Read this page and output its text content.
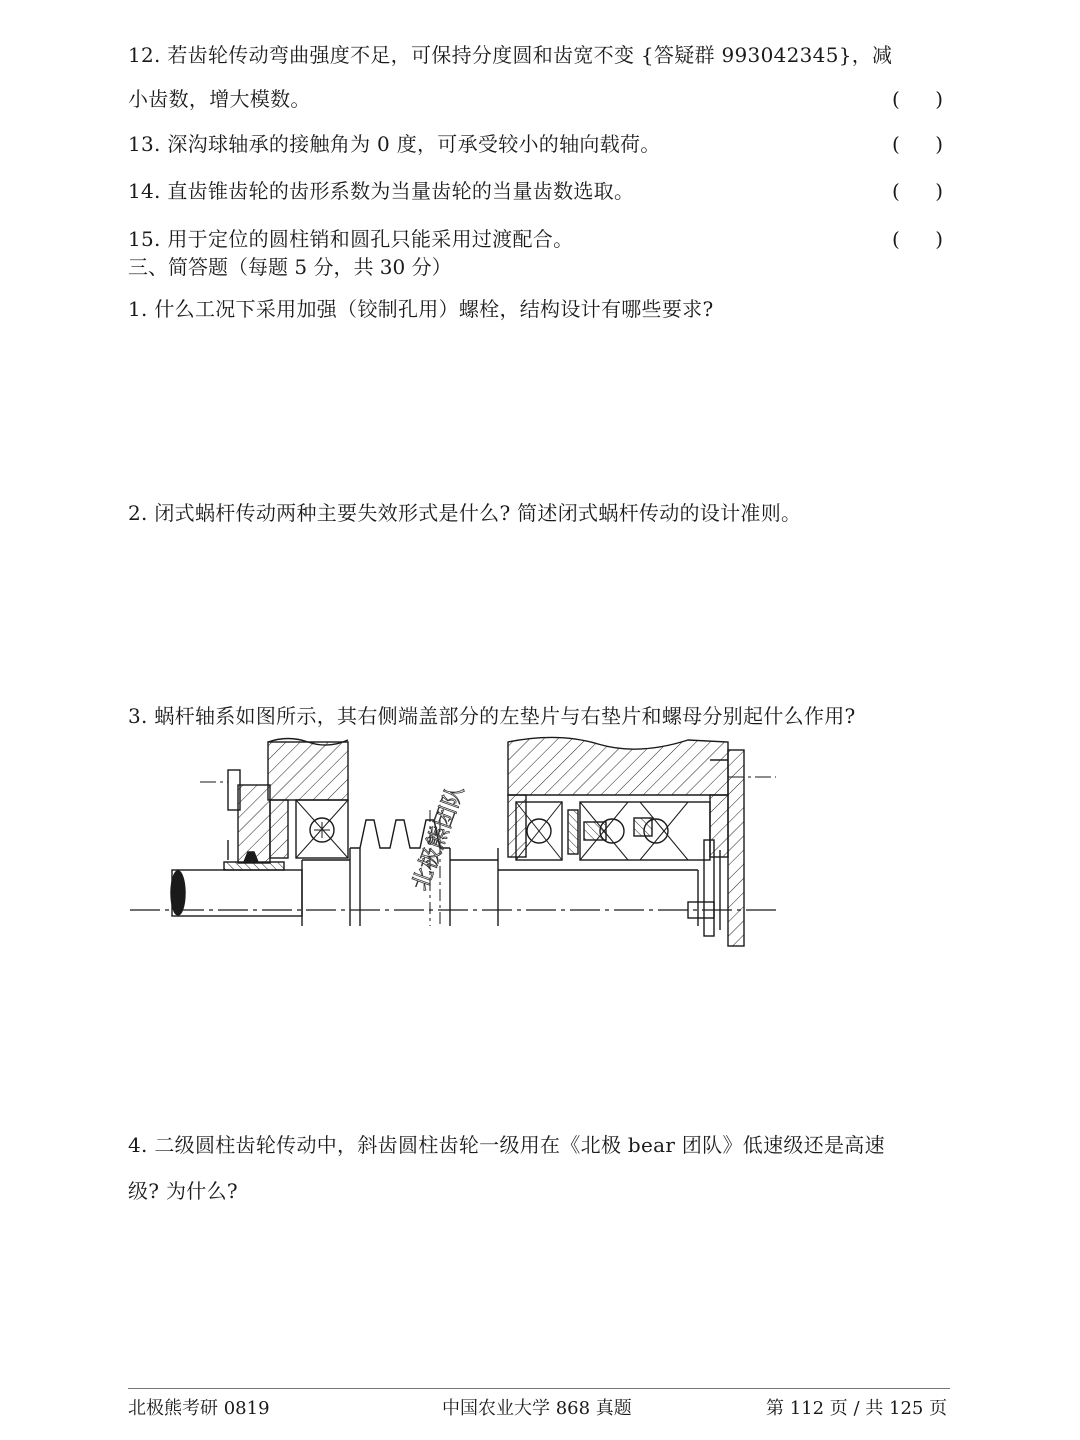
12. 若齿轮传动弯曲强度不足，可保持分度圆和齿宽不变 {答疑群 993042345}，减
小齿数，增大模数。	(    )
13. 深沟球轴承的接触角为 0 度，可承受较小的轴向载荷。	(    )
14. 直齿锥齿轮的齿形系数为当量齿轮的当量齿数选取。	(    )
15. 用于定位的圆柱销和圆孔只能采用过渡配合。	(    )
三、简答题（每题 5 分，共 30 分）
1. 什么工况下采用加强（铰制孔用）螺栓，结构设计有哪些要求?
2. 闭式蜗杆传动两种主要失效形式是什么? 简述闭式蜗杆传动的设计准则。
3. 蜗杆轴系如图所示，其右侧端盖部分的左垫片与右垫片和螺母分别起什么作用?
北极熊团队
4. 二级圆柱齿轮传动中，斜齿圆柱齿轮一级用在《北极 bear 团队》低速级还是高速
级? 为什么?
北极熊考研 0819	中国农业大学 868 真题	第 112 页 / 共 125 页
